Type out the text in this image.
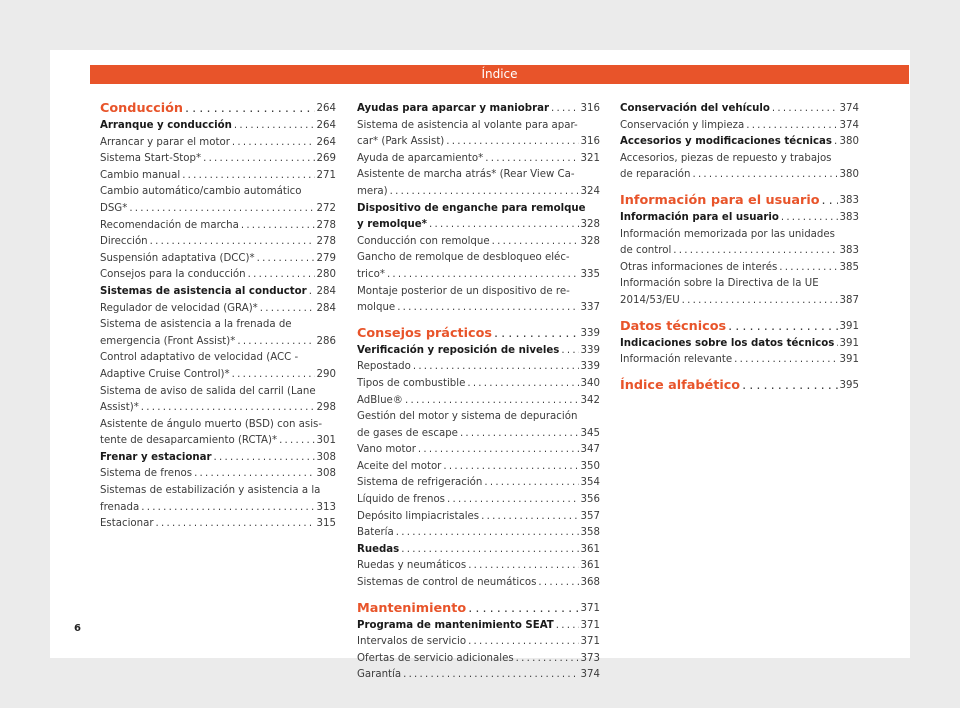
Índice
Conducción . . .	264
Arranque y conducción . . .	264
Arrancar y parar el motor . . .	264
Sistema Start-Stop* . . .	269
Cambio manual . . .	271
Cambio automático/cambio automático
DSG* . . .	272
Recomendación de marcha . . .	278
Dirección . . .	278
Suspensión adaptativa (DCC)* . . .	279
Consejos para la conducción . . .	280
Sistemas de asistencia al conductor . . . 284
Regulador de velocidad (GRA)* . . .	284
Sistema de asistencia a la frenada de
emergencia (Front Assist)* . . .	286
Control adaptativo de velocidad (ACC -
Adaptive Cruise Control)* . . .	290
Sistema de aviso de salida del carril (Lane
Assist)* . . .	298
Asistente de ángulo muerto (BSD) con asis-
tente de desaparcamiento (RCTA)* . . .	301
Frenar y estacionar . . .	308
Sistema de frenos . . .	308
Sistemas de estabilización y asistencia a la
frenada . . .	313
Estacionar . . .	315
Ayudas para aparcar y maniobrar . . .	316
Sistema de asistencia al volante para apar-
car* (Park Assist) . . .	316
Ayuda de aparcamiento* . . .	321
Asistente de marcha atrás* (Rear View Ca-
mera) . . .	324
Dispositivo de enganche para remolque
y remolque* . . .	328
Conducción con remolque . . .	328
Gancho de remolque de desbloqueo eléc-
trico* . . .	335
Montaje posterior de un dispositivo de re-
molque . . .	337
Consejos prácticos . . .	339
Verificación y reposición de niveles . . . 339
Repostado . . .	339
Tipos de combustible . . .	340
AdBlue® . . .	342
Gestión del motor y sistema de depuración
de gases de escape . . .	345
Vano motor . . .	347
Aceite del motor . . .	350
Sistema de refrigeración . . .	354
Líquido de frenos . . .	356
Depósito limpiacristales . . .	357
Batería . . .	358
Ruedas . . .	361
Ruedas y neumáticos . . .	361
Sistemas de control de neumáticos . . .	368
Mantenimiento . . .	371
Programa de mantenimiento SEAT . . .	371
Intervalos de servicio . . .	371
Ofertas de servicio adicionales . . .	373
Garantía . . .	374
Conservación del vehículo . . .	374
Conservación y limpieza . . .	374
Accesorios y modificaciones técnicas . . . 380
Accesorios, piezas de repuesto y trabajos
de reparación . . .	380
Información para el usuario . . . 383
Información para el usuario . . .	383
Información memorizada por las unidades
de control . . .	383
Otras informaciones de interés . . .	385
Información sobre la Directiva de la UE
2014/53/EU . . .	387
Datos técnicos . . .	391
Indicaciones sobre los datos técnicos . . . 391
Información relevante . . .	391
Índice alfabético . . .	395
6
